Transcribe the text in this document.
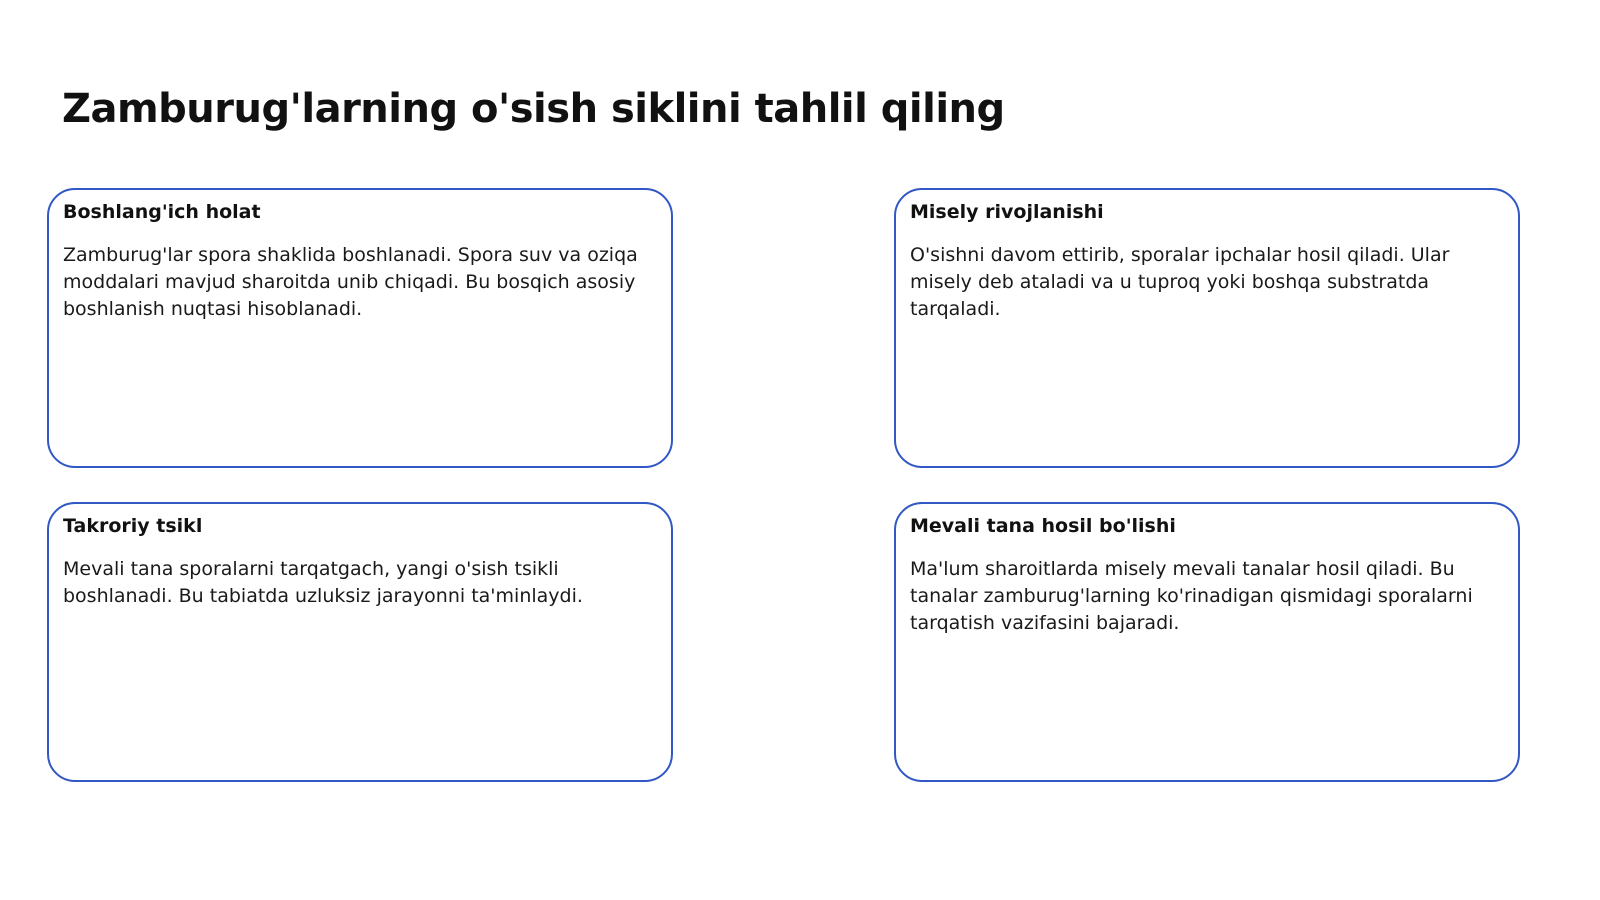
Zamburug'larning o'sish siklini tahlil qiling
Boshlang'ich holat

Zamburug'lar spora shaklida boshlanadi. Spora suv va oziqa moddalari mavjud sharoitda unib chiqadi. Bu bosqich asosiy boshlanish nuqtasi hisoblanadi.

Misely rivojlanishi

O'sishni davom ettirib, sporalar ipchalar hosil qiladi. Ular misely deb ataladi va u tuproq yoki boshqa substratda tarqaladi.

Takroriy tsikl

Mevali tana sporalarni tarqatgach, yangi o'sish tsikli boshlanadi. Bu tabiatda uzluksiz jarayonni ta'minlaydi.

Mevali tana hosil bo'lishi

Ma'lum sharoitlarda misely mevali tanalar hosil qiladi. Bu tanalar zamburug'larning ko'rinadigan qismidagi sporalarni tarqatish vazifasini bajaradi.
